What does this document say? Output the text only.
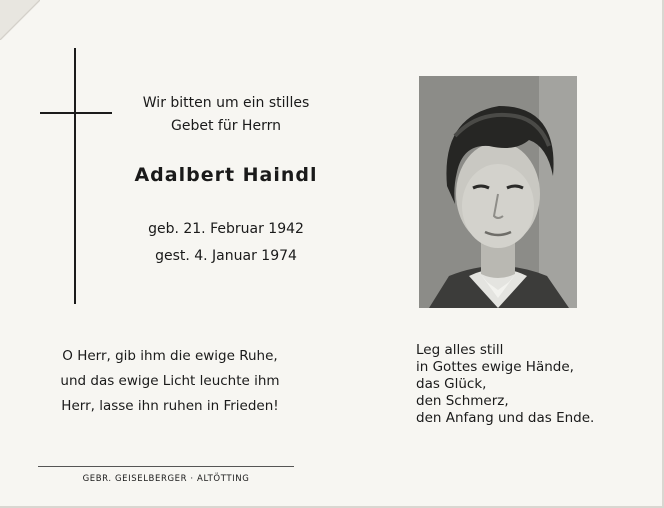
Wir bitten um ein stilles
Gebet für Herrn
Adalbert Haindl
geb. 21. Februar 1942
gest. 4. Januar 1974
O Herr, gib ihm die ewige Ruhe,
und das ewige Licht leuchte ihm
Herr, lasse ihn ruhen in Frieden!
Leg alles still
in Gottes ewige Hände,
das Glück,
den Schmerz,
den Anfang und das Ende.
GEBR. GEISELBERGER · ALTÖTTING
